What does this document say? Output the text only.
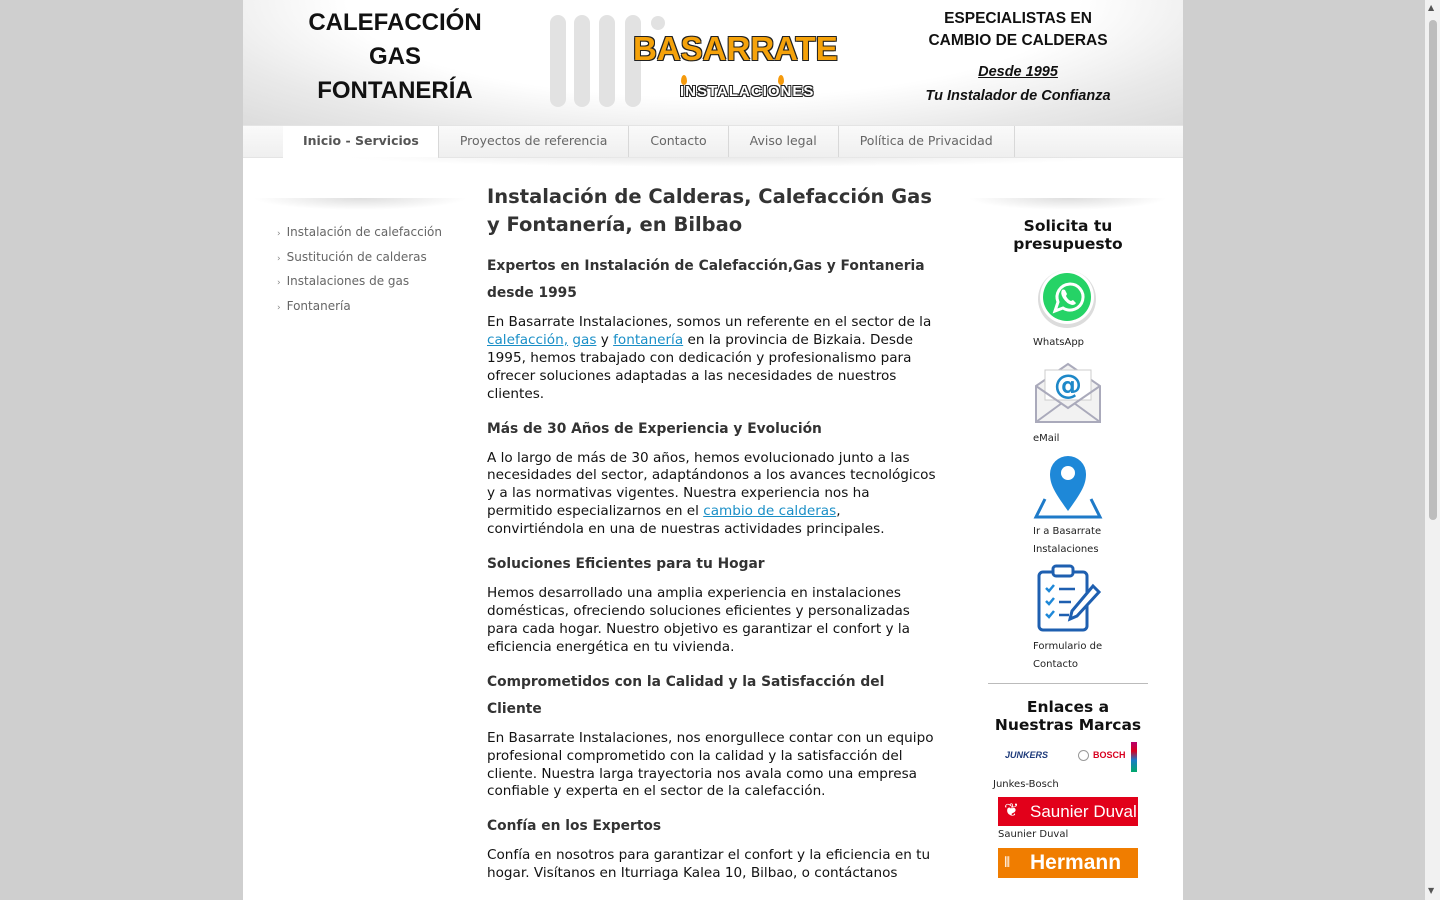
CALEFACCIÓN
GAS
FONTANERÍA
BASARRATE
INSTALACIONES
ESPECIALISTAS EN
CAMBIO DE CALDERAS
Desde 1995
Tu Instalador de Confianza
Inicio - Servicios	Proyectos de referencia	Contacto	Aviso legal	Política de Privacidad
› Instalación de calefacción
› Sustitución de calderas
› Instalaciones de gas
› Fontanería
Instalación de Calderas, Calefacción Gas y Fontanería, en Bilbao
Expertos en Instalación de Calefacción,Gas y Fontaneria desde 1995

En Basarrate Instalaciones, somos un referente en el sector de la calefacción, gas y fontanería en la provincia de Bizkaia. Desde 1995, hemos trabajado con dedicación y profesionalismo para ofrecer soluciones adaptadas a las necesidades de nuestros clientes.

Más de 30 Años de Experiencia y Evolución

A lo largo de más de 30 años, hemos evolucionado junto a las necesidades del sector, adaptándonos a los avances tecnológicos y a las normativas vigentes. Nuestra experiencia nos ha permitido especializarnos en el cambio de calderas, convirtiéndola en una de nuestras actividades principales.

Soluciones Eficientes para tu Hogar

Hemos desarrollado una amplia experiencia en instalaciones domésticas, ofreciendo soluciones eficientes y personalizadas para cada hogar. Nuestro objetivo es garantizar el confort y la eficiencia energética en tu vivienda.

Comprometidos con la Calidad y la Satisfacción del Cliente

En Basarrate Instalaciones, nos enorgullece contar con un equipo profesional comprometido con la calidad y la satisfacción del cliente. Nuestra larga trayectoria nos avala como una empresa confiable y experta en el sector de la calefacción.

Confía en los Expertos

Confía en nosotros para garantizar el confort y la eficiencia en tu hogar. Visítanos en Iturriaga Kalea 10, Bilbao, o contáctanos

Solicita tu presupuesto
WhatsApp
@
eMail
Ir a Basarrate Instalaciones
Formulario de Contacto
Enlaces a Nuestras Marcas
JUNKERS	BOSCH
Junkes-Bosch
❦ Saunier Duval
Saunier Duval
⦀ Hermann
▲
▼
